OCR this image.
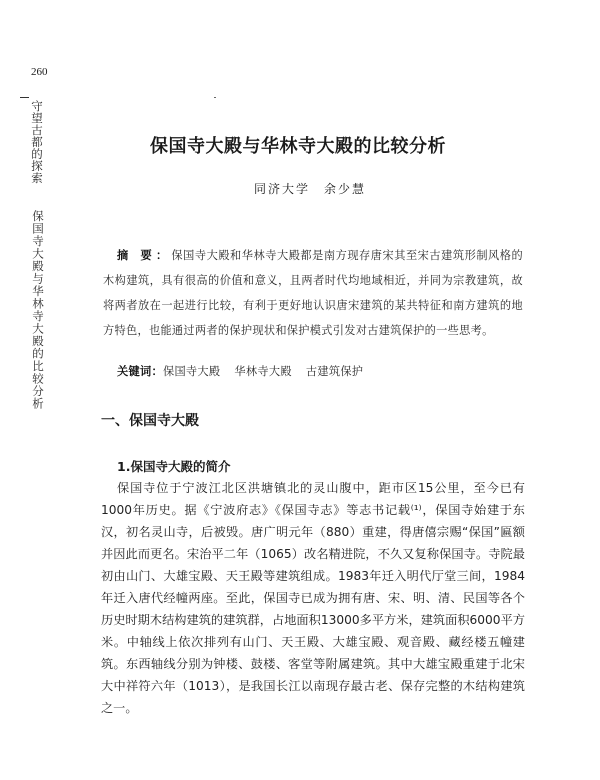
260
守望古都的探索
保国寺大殿与华林寺大殿的比较分析
保国寺大殿与华林寺大殿的比较分析
同济大学 余少慧
摘 要：保国寺大殿和华林寺大殿都是南方现存唐宋其至宋古建筑形制风格的木构建筑，具有很高的价值和意义，且两者时代均地域相近，并同为宗教建筑，故将两者放在一起进行比较，有利于更好地认识唐宋建筑的某共特征和南方建筑的地方特色，也能通过两者的保护现状和保护模式引发对古建筑保护的一些思考。
关键词：保国寺大殿 华林寺大殿 古建筑保护
一、保国寺大殿
1.保国寺大殿的简介
保国寺位于宁波江北区洪塘镇北的灵山腹中，距市区15公里，至今已有1000年历史。据《宁波府志》《保国寺志》等志书记载⁽¹⁾，保国寺始建于东汉，初名灵山寺，后被毁。唐广明元年（880）重建，得唐僖宗赐“保国”匾额并因此而更名。宋治平二年（1065）改名精进院，不久又复称保国寺。寺院最初由山门、大雄宝殿、天王殿等建筑组成。1983年迁入明代厅堂三间，1984年迁入唐代经幢两座。至此，保国寺已成为拥有唐、宋、明、清、民国等各个历史时期木结构建筑的建筑群，占地面积13000多平方米，建筑面积6000平方米。中轴线上依次排列有山门、天王殿、大雄宝殿、观音殿、藏经楼五幢建筑。东西轴线分别为钟楼、鼓楼、客堂等附属建筑。其中大雄宝殿重建于北宋大中祥符六年（1013），是我国长江以南现存最古老、保存完整的木结构建筑之一。
